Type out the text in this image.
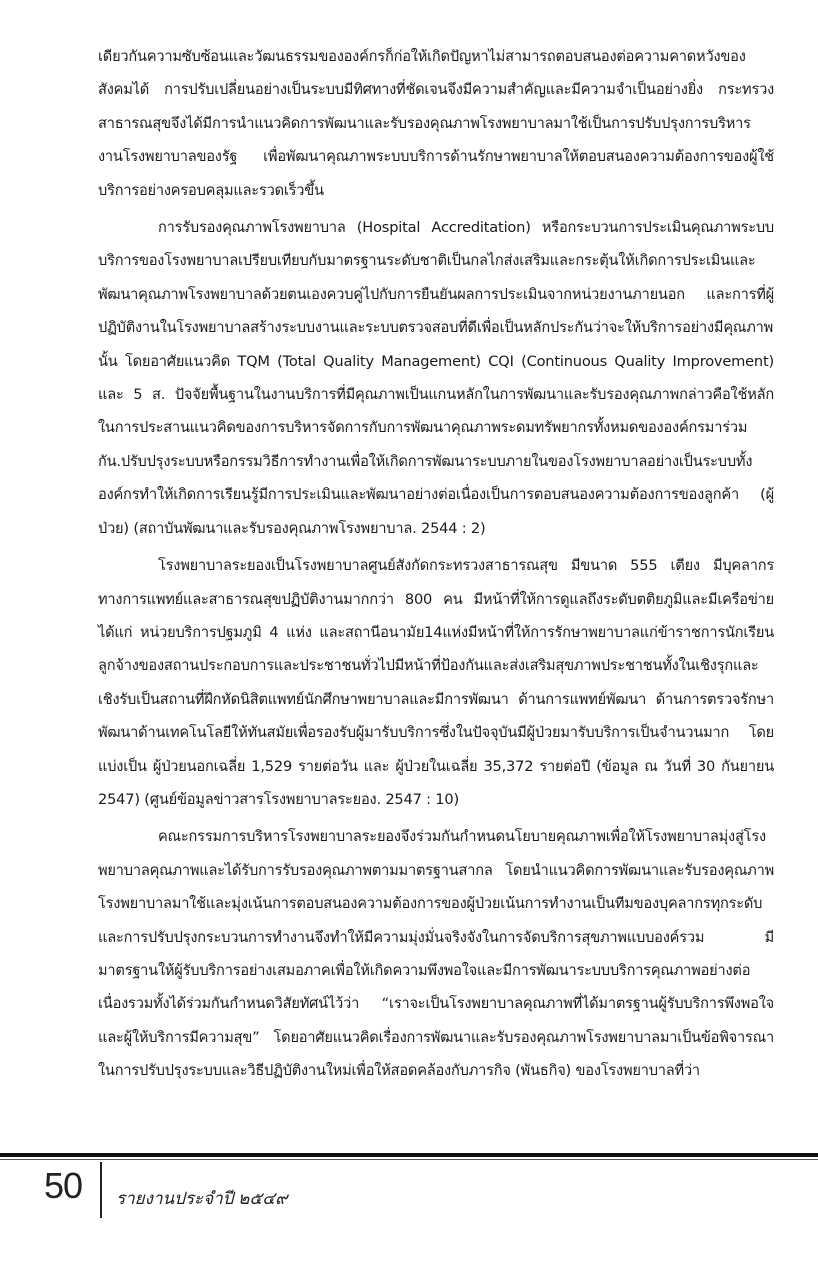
เดียวกันความซับซ้อนและวัฒนธรรมขององค์กรก็ก่อให้เกิดปัญหาไม่สามารถตอบสนองต่อความคาดหวังของสังคมได้ การปรับเปลี่ยนอย่างเป็นระบบมีทิศทางที่ชัดเจนจึงมีความสำคัญและมีความจำเป็นอย่างยิ่ง กระทรวงสาธารณสุขจึงได้มีการนำแนวคิดการพัฒนาและรับรองคุณภาพโรงพยาบาลมาใช้เป็นการปรับปรุงการบริหารงานโรงพยาบาลของรัฐ เพื่อพัฒนาคุณภาพระบบบริการด้านรักษาพยาบาลให้ตอบสนองความต้องการของผู้ใช้บริการอย่างครอบคลุมและรวดเร็วขึ้น

การรับรองคุณภาพโรงพยาบาล (Hospital Accreditation) หรือกระบวนการประเมินคุณภาพระบบบริการของโรงพยาบาลเปรียบเทียบกับมาตรฐานระดับชาติเป็นกลไกส่งเสริมและกระตุ้นให้เกิดการประเมินและพัฒนาคุณภาพโรงพยาบาลด้วยตนเองควบคู่ไปกับการยืนยันผลการประเมินจากหน่วยงานภายนอก และการที่ผู้ปฏิบัติงานในโรงพยาบาลสร้างระบบงานและระบบตรวจสอบที่ดีเพื่อเป็นหลักประกันว่าจะให้บริการอย่างมีคุณภาพนั้น โดยอาศัยแนวคิด TQM (Total Quality Management) CQI (Continuous Quality Improvement) และ 5 ส. ปัจจัยพื้นฐานในงานบริการที่มีคุณภาพเป็นแกนหลักในการพัฒนาและรับรองคุณภาพกล่าวคือใช้หลักในการประสานแนวคิดของการบริหารจัดการกับการพัฒนาคุณภาพระดมทรัพยากรทั้งหมดขององค์กรมาร่วมกัน.ปรับปรุงระบบหรือกรรมวิธีการทำงานเพื่อให้เกิดการพัฒนาระบบภายในของโรงพยาบาลอย่างเป็นระบบทั้งองค์กรทำให้เกิดการเรียนรู้มีการประเมินและพัฒนาอย่างต่อเนื่องเป็นการตอบสนองความต้องการของลูกค้า (ผู้ป่วย) (สถาบันพัฒนาและรับรองคุณภาพโรงพยาบาล. 2544 : 2)

โรงพยาบาลระยองเป็นโรงพยาบาลศูนย์สังกัดกระทรวงสาธารณสุข มีขนาด 555 เตียง มีบุคลากรทางการแพทย์และสาธารณสุขปฏิบัติงานมากกว่า 800 คน มีหน้าที่ให้การดูแลถึงระดับตติยภูมิและมีเครือข่ายได้แก่ หน่วยบริการปฐมภูมิ 4 แห่ง และสถานีอนามัย14แห่งมีหน้าที่ให้การรักษาพยาบาลแก่ข้าราชการนักเรียน ลูกจ้างของสถานประกอบการและประชาชนทั่วไปมีหน้าที่ป้องกันและส่งเสริมสุขภาพประชาชนทั้งในเชิงรุกและเชิงรับเป็นสถานที่ฝึกหัดนิสิตแพทย์นักศึกษาพยาบาลและมีการพัฒนา ด้านการแพทย์พัฒนา ด้านการตรวจรักษาพัฒนาด้านเทคโนโลยีให้ทันสมัยเพื่อรองรับผู้มารับบริการซึ่งในปัจจุบันมีผู้ป่วยมารับบริการเป็นจำนวนมาก โดยแบ่งเป็น ผู้ป่วยนอกเฉลี่ย 1,529 รายต่อวัน และ ผู้ป่วยในเฉลี่ย 35,372 รายต่อปี (ข้อมูล ณ วันที่ 30 กันยายน 2547) (ศูนย์ข้อมูลข่าวสารโรงพยาบาลระยอง. 2547 : 10)

คณะกรรมการบริหารโรงพยาบาลระยองจึงร่วมกันกำหนดนโยบายคุณภาพเพื่อให้โรงพยาบาลมุ่งสู่โรงพยาบาลคุณภาพและได้รับการรับรองคุณภาพตามมาตรฐานสากล โดยนำแนวคิดการพัฒนาและรับรองคุณภาพโรงพยาบาลมาใช้และมุ่งเน้นการตอบสนองความต้องการของผู้ป่วยเน้นการทำงานเป็นทีมของบุคลากรทุกระดับและการปรับปรุงกระบวนการทำงานจึงทำให้มีความมุ่งมั่นจริงจังในการจัดบริการสุขภาพแบบองค์รวม มีมาตรฐานให้ผู้รับบริการอย่างเสมอภาคเพื่อให้เกิดความพึงพอใจและมีการพัฒนาระบบบริการคุณภาพอย่างต่อเนื่องรวมทั้งได้ร่วมกันกำหนดวิสัยทัศน์ไว้ว่า “เราจะเป็นโรงพยาบาลคุณภาพที่ได้มาตรฐานผู้รับบริการพึงพอใจและผู้ให้บริการมีความสุข” โดยอาศัยแนวคิดเรื่องการพัฒนาและรับรองคุณภาพโรงพยาบาลมาเป็นข้อพิจารณาในการปรับปรุงระบบและวิธีปฏิบัติงานใหม่เพื่อให้สอดคล้องกับภารกิจ (พันธกิจ) ของโรงพยาบาลที่ว่า

50 รายงานประจำปี ๒๕๔๙
